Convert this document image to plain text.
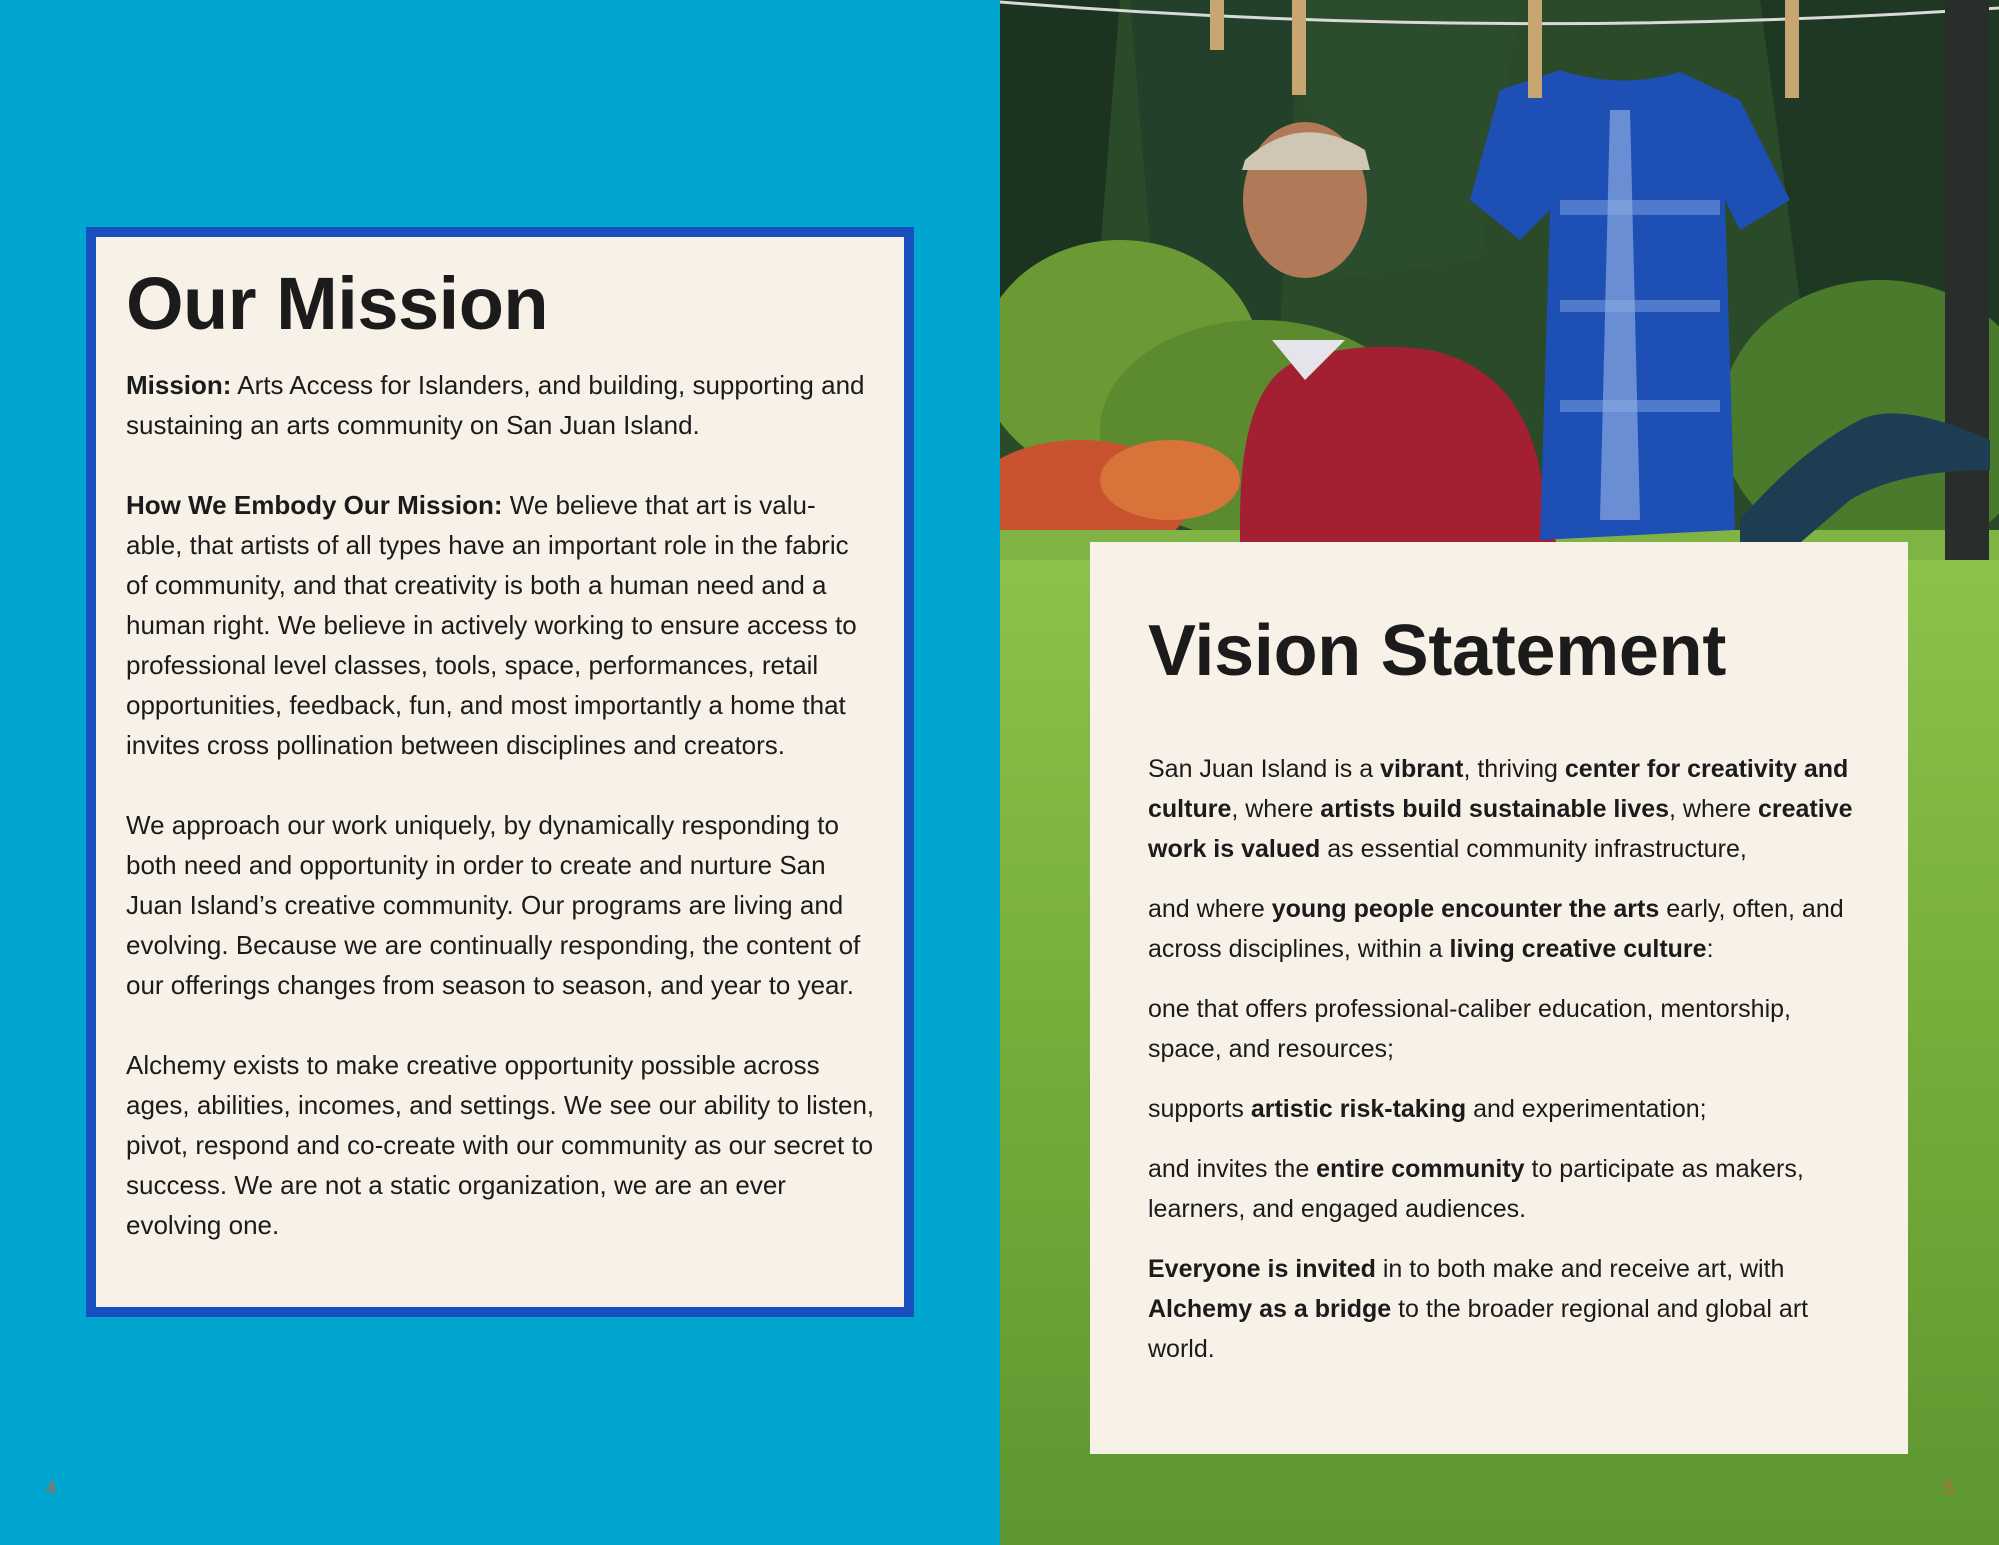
Our Mission

Mission: Arts Access for Islanders, and building, supporting and sustaining an arts community on San Juan Island.

How We Embody Our Mission: We believe that art is valu- able, that artists of all types have an important role in the fabric of community, and that creativity is both a human need and a human right. We believe in actively working to ensure access to professional level classes, tools, space, performances, retail opportunities, feedback, fun, and most importantly a home that invites cross pollination between disciplines and creators.

We approach our work uniquely, by dynamically responding to both need and opportunity in order to create and nurture San Juan Island’s creative community. Our programs are living and evolving. Because we are continually responding, the content of our offerings changes from season to season, and year to year.

Alchemy exists to make creative opportunity possible across ages, abilities, incomes, and settings. We see our ability to listen, pivot, respond and co-create with our community as our secret to success. We are not a static organization, we are an ever evolving one.

4
Vision Statement

San Juan Island is a vibrant, thriving center for creativity and culture, where artists build sustainable lives, where creative work is valued as essential community infrastructure,

and where young people encounter the arts early, often, and across disciplines, within a living creative culture:

one that offers professional-caliber education, mentorship, space, and resources;

supports artistic risk-taking and experimentation;

and invites the entire community to participate as makers, learners, and engaged audiences.

Everyone is invited in to both make and receive art, with Alchemy as a bridge to the broader regional and global art world.

5
